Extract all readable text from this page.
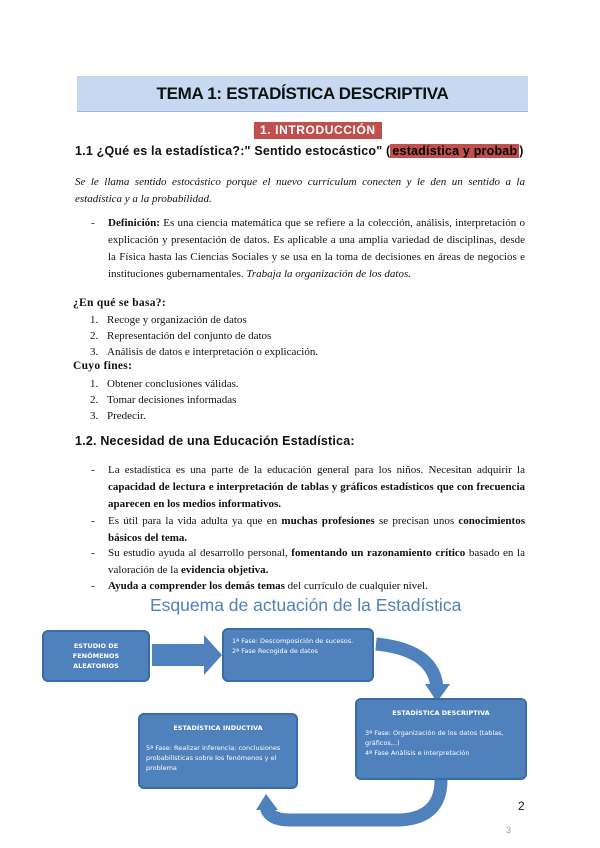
TEMA 1: ESTADÍSTICA DESCRIPTIVA
1. INTRODUCCIÓN
1.1 ¿Qué es la estadística?:" Sentido estocástico" ( estadística y probab )
Se le llama sentido estocástico porque el nuevo currículum conecten y le den un sentido a la estadística y a la probabilidad.
- Definición: Es una ciencia matemática que se refiere a la colección, análisis, interpretación o explicación y presentación de datos. Es aplicable a una amplia variedad de disciplinas, desde la Física hasta las Ciencias Sociales y se usa en la toma de decisiones en áreas de negocios e instituciones gubernamentales. Trabaja la organización de los datos.
¿En qué se basa?:
1. Recoge y organización de datos
2. Representación del conjunto de datos
3. Análisis de datos e interpretación o explicación.
Cuyo fines:
1. Obtener conclusiones válidas.
2. Tomar decisiones informadas
3. Predecir.
1.2. Necesidad de una Educación Estadística:
- La estadística es una parte de la educación general para los niños. Necesitan adquirir la capacidad de lectura e interpretación de tablas y gráficos estadísticos que con frecuencia aparecen en los medios informativos.
- Es útil para la vida adulta ya que en muchas profesiones se precisan unos conocimientos básicos del tema.
- Su estudio ayuda al desarrollo personal, fomentando un razonamiento crítico basado en la valoración de la evidencia objetiva.
- Ayuda a comprender los demás temas del currículo de cualquier nivel.
Esquema de actuación de la Estadística
ESTUDIO DE
FENÓMENOS
ALEATORIOS
1ª Fase: Descomposición de sucesos.
2ª Fase Recogida de datos
ESTADÍSTICA DESCRIPTIVA
3ª Fase: Organización de los datos (tablas, gráficos,..)
4ª Fase Análisis e interpretación
ESTADÍSTICA INDUCTIVA
5ª Fase: Realizar inferencia: conclusiones probabilísticas sobre los fenómenos y el problema
2
3
